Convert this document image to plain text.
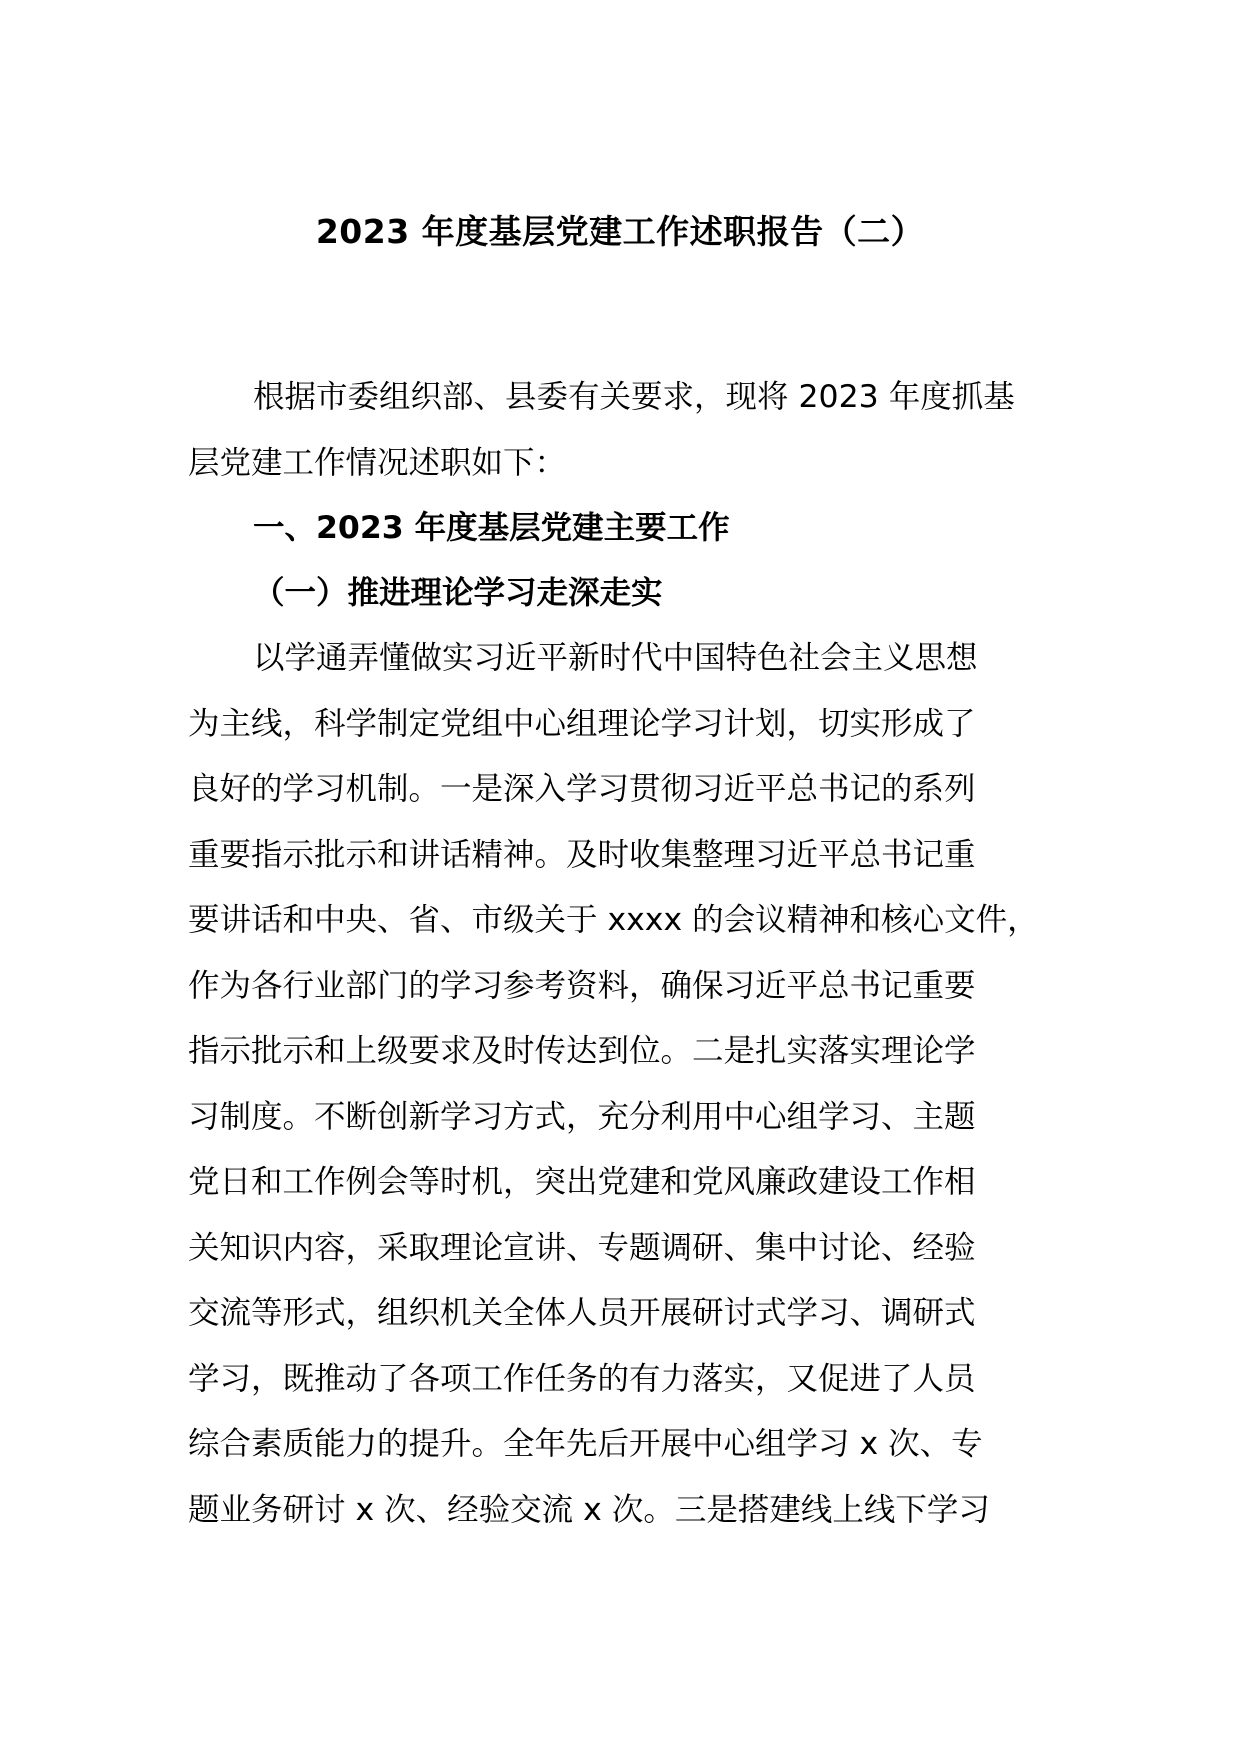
2023 年度基层党建工作述职报告（二）
根据市委组织部、县委有关要求，现将 2023 年度抓基
层党建工作情况述职如下：
一、2023 年度基层党建主要工作
（一）推进理论学习走深走实
以学通弄懂做实习近平新时代中国特色社会主义思想
为主线，科学制定党组中心组理论学习计划，切实形成了
良好的学习机制。一是深入学习贯彻习近平总书记的系列
重要指示批示和讲话精神。及时收集整理习近平总书记重
要讲话和中央、省、市级关于 xxxx 的会议精神和核心文件，
作为各行业部门的学习参考资料，确保习近平总书记重要
指示批示和上级要求及时传达到位。二是扎实落实理论学
习制度。不断创新学习方式，充分利用中心组学习、主题
党日和工作例会等时机，突出党建和党风廉政建设工作相
关知识内容，采取理论宣讲、专题调研、集中讨论、经验
交流等形式，组织机关全体人员开展研讨式学习、调研式
学习，既推动了各项工作任务的有力落实，又促进了人员
综合素质能力的提升。全年先后开展中心组学习 x 次、专
题业务研讨 x 次、经验交流 x 次。三是搭建线上线下学习
